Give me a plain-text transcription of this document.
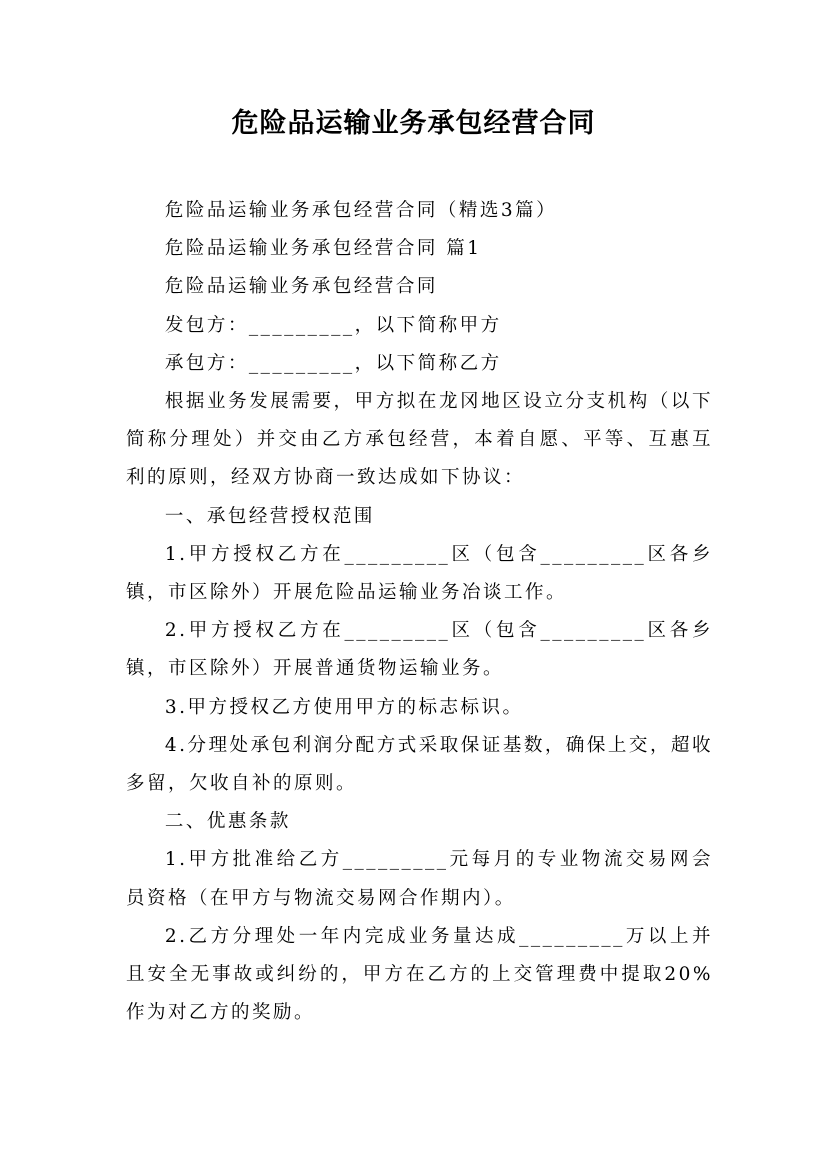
危险品运输业务承包经营合同

危险品运输业务承包经营合同（精选3篇）

危险品运输业务承包经营合同 篇1

危险品运输业务承包经营合同

发包方：_________，以下简称甲方

承包方：_________，以下简称乙方

根据业务发展需要，甲方拟在龙冈地区设立分支机构（以下简称分理处）并交由乙方承包经营，本着自愿、平等、互惠互利的原则，经双方协商一致达成如下协议：

一、承包经营授权范围

1.甲方授权乙方在_________区（包含_________区各乡镇，市区除外）开展危险品运输业务冶谈工作。

2.甲方授权乙方在_________区（包含_________区各乡镇，市区除外）开展普通货物运输业务。

3.甲方授权乙方使用甲方的标志标识。

4.分理处承包利润分配方式采取保证基数，确保上交，超收多留，欠收自补的原则。

二、优惠条款

1.甲方批准给乙方_________元每月的专业物流交易网会员资格（在甲方与物流交易网合作期内）。

2.乙方分理处一年内完成业务量达成_________万以上并且安全无事故或纠纷的，甲方在乙方的上交管理费中提取20%作为对乙方的奖励。
